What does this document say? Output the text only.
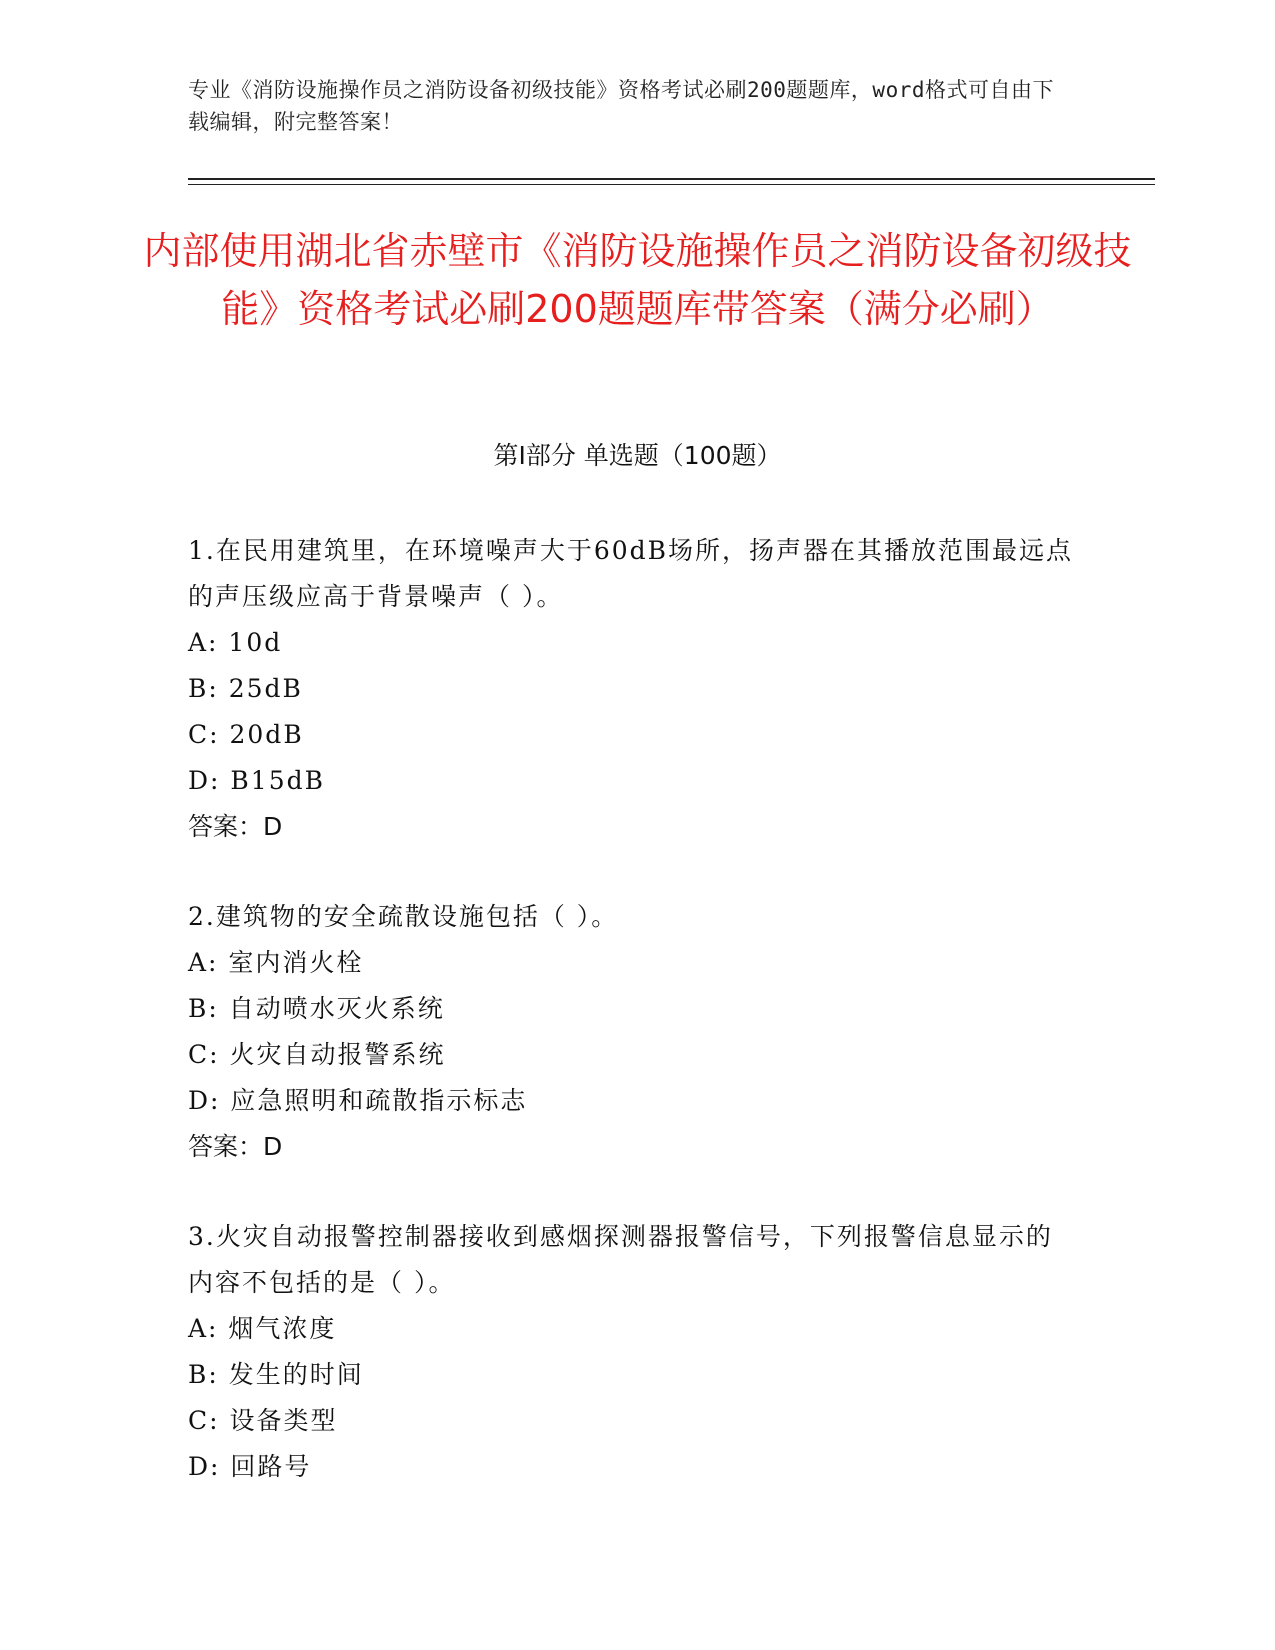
专业《消防设施操作员之消防设备初级技能》资格考试必刷200题题库，word格式可自由下载编辑，附完整答案！
内部使用湖北省赤壁市《消防设施操作员之消防设备初级技能》资格考试必刷200题题库带答案（满分必刷）
第Ⅰ部分 单选题（100题）
1.在民用建筑里，在环境噪声大于60dB场所，扬声器在其播放范围最远点的声压级应高于背景噪声（ ）。
A: 10d
B: 25dB
C: 20dB
D: B15dB
答案：D
2.建筑物的安全疏散设施包括（ ）。
A: 室内消火栓
B: 自动喷水灭火系统
C: 火灾自动报警系统
D: 应急照明和疏散指示标志
答案：D
3.火灾自动报警控制器接收到感烟探测器报警信号，下列报警信息显示的内容不包括的是（ ）。
A: 烟气浓度
B: 发生的时间
C: 设备类型
D: 回路号
